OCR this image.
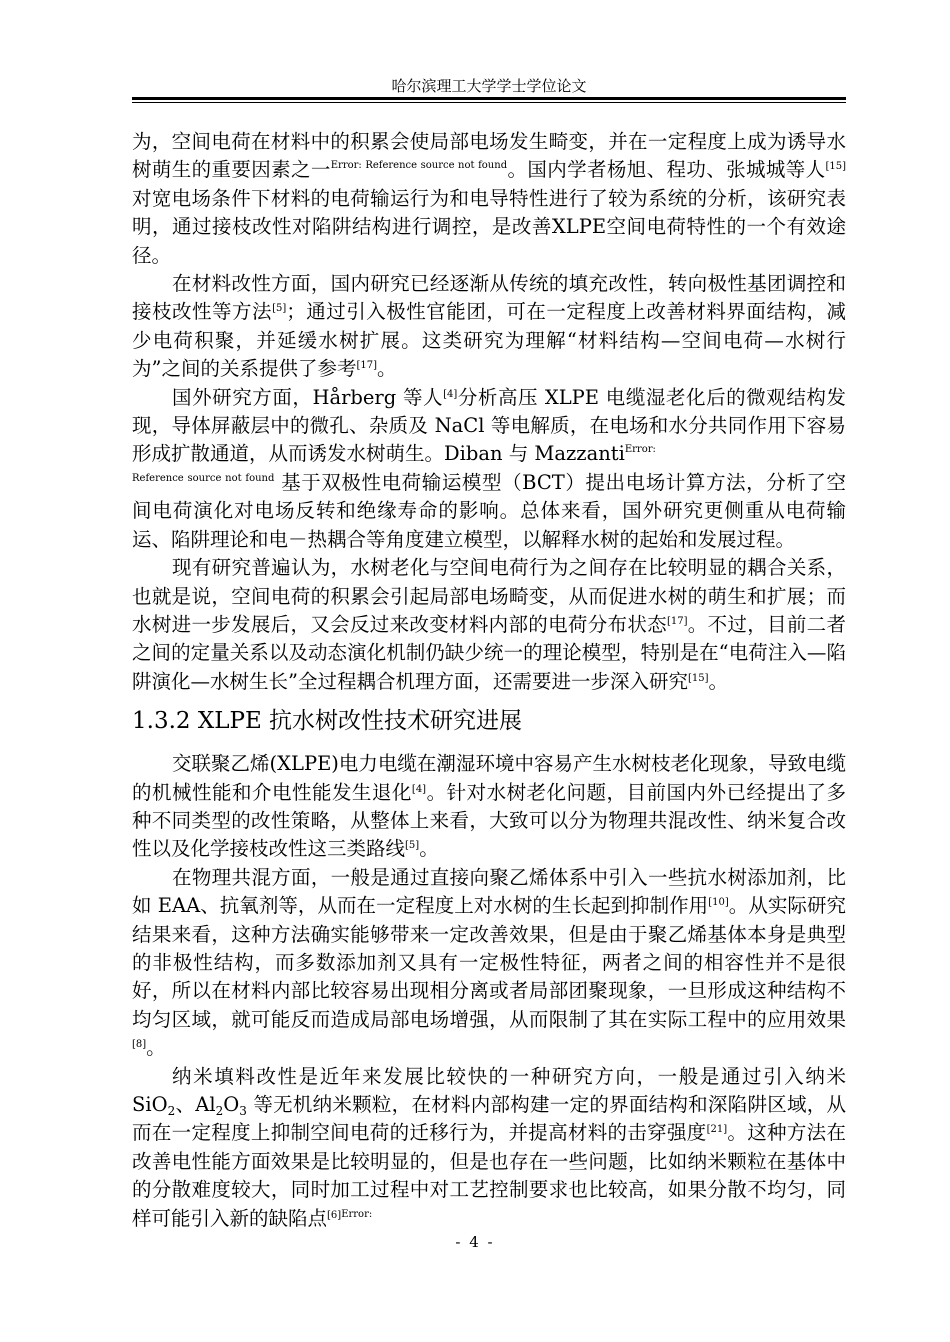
哈尔滨理工大学学士学位论文

为，空间电荷在材料中的积累会使局部电场发生畸变，并在一定程度上成为诱导水树萌生的重要因素之一$^{Error: Reference source not found}$。国内学者杨旭、程功、张城城等人[15]对宽电场条件下材料的电荷输运行为和电导特性进行了较为系统的分析，该研究表明，通过接枝改性对陷阱结构进行调控，是改善XLPE空间电荷特性的一个有效途径。

在材料改性方面，国内研究已经逐渐从传统的填充改性，转向极性基团调控和接枝改性等方法[5]；通过引入极性官能团，可在一定程度上改善材料界面结构，减少电荷积聚，并延缓水树扩展。这类研究为理解“材料结构—空间电荷—水树行为”之间的关系提供了参考[17]。

国外研究方面，Hårberg 等人[4]分析高压 XLPE 电缆湿老化后的微观结构发现，导体屏蔽层中的微孔、杂质及 NaCl 等电解质，在电场和水分共同作用下容易形成扩散通道，从而诱发水树萌生。Diban 与 Mazzanti$^{Error:}$
$^{Reference source not found}$ 基于双极性电荷输运模型（BCT）提出电场计算方法，分析了空间电荷演化对电场反转和绝缘寿命的影响。总体来看，国外研究更侧重从电荷输运、陷阱理论和电－热耦合等角度建立模型，以解释水树的起始和发展过程。

现有研究普遍认为，水树老化与空间电荷行为之间存在比较明显的耦合关系，也就是说，空间电荷的积累会引起局部电场畸变，从而促进水树的萌生和扩展；而水树进一步发展后，又会反过来改变材料内部的电荷分布状态[17]。不过，目前二者之间的定量关系以及动态演化机制仍缺少统一的理论模型，特别是在“电荷注入—陷阱演化—水树生长”全过程耦合机理方面，还需要进一步深入研究[15]。

1.3.2 XLPE 抗水树改性技术研究进展

交联聚乙烯(XLPE)电力电缆在潮湿环境中容易产生水树枝老化现象，导致电缆的机械性能和介电性能发生退化[4]。针对水树老化问题，目前国内外已经提出了多种不同类型的改性策略，从整体上来看，大致可以分为物理共混改性、纳米复合改性以及化学接枝改性这三类路线[5]。

在物理共混方面，一般是通过直接向聚乙烯体系中引入一些抗水树添加剂，比如 EAA、抗氧剂等，从而在一定程度上对水树的生长起到抑制作用[10]。从实际研究结果来看，这种方法确实能够带来一定改善效果，但是由于聚乙烯基体本身是典型的非极性结构，而多数添加剂又具有一定极性特征，两者之间的相容性并不是很好，所以在材料内部比较容易出现相分离或者局部团聚现象，一旦形成这种结构不均匀区域，就可能反而造成局部电场增强，从而限制了其在实际工程中的应用效果[8]。

纳米填料改性是近年来发展比较快的一种研究方向，一般是通过引入纳米 SiO$_2$、$Al_2O_3$ 等无机纳米颗粒，在材料内部构建一定的界面结构和深陷阱区域，从而在一定程度上抑制空间电荷的迁移行为，并提高材料的击穿强度[21]。这种方法在改善电性能方面效果是比较明显的，但是也存在一些问题，比如纳米颗粒在基体中的分散难度较大，同时加工过程中对工艺控制要求也比较高，如果分散不均匀，同样可能引入新的缺陷点$^{[6]Error:}$

- 4 -
